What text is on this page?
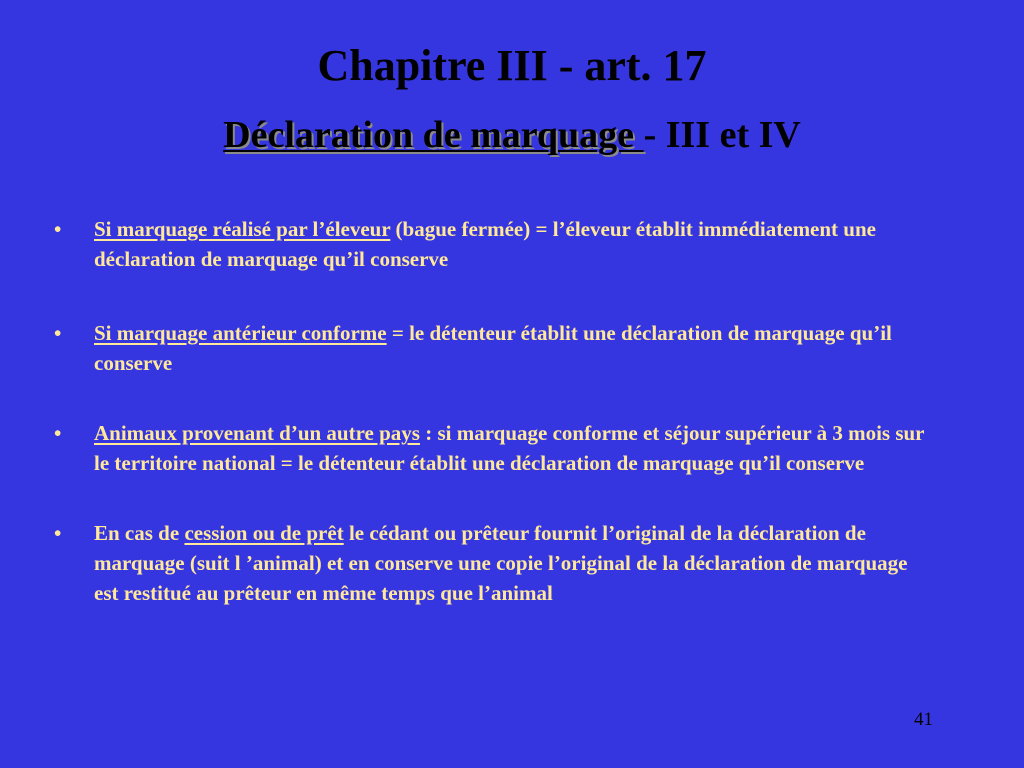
Chapitre III - art. 17
Déclaration de marquage - III et IV
• Si marquage réalisé par l’éleveur (bague fermée) = l’éleveur établit immédiatement une déclaration de marquage qu’il conserve
• Si marquage antérieur conforme = le détenteur établit une déclaration de marquage qu’il conserve
• Animaux provenant d’un autre pays : si marquage conforme et séjour supérieur à 3 mois sur le territoire national = le détenteur établit une déclaration de marquage qu’il conserve
• En cas de cession ou de prêt le cédant ou prêteur fournit l’original de la déclaration de marquage (suit l ’animal) et en conserve une copie l’original de la déclaration de marquage est restitué au prêteur en même temps que l’animal
41
